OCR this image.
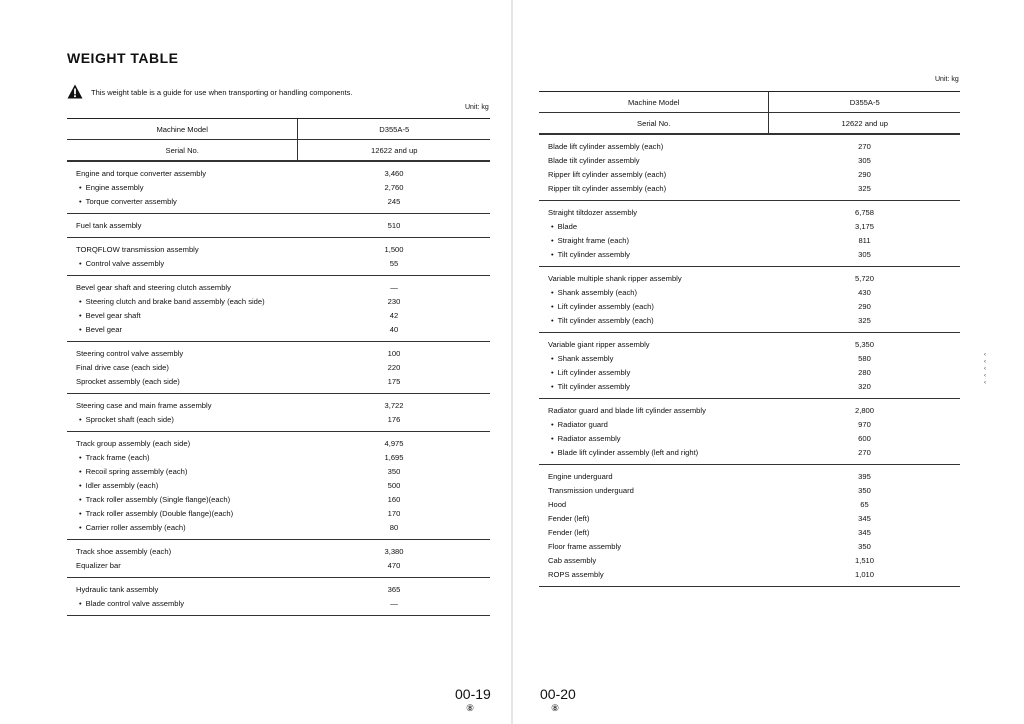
WEIGHT TABLE
This weight table is a guide for use when transporting or handling components.
Unit: kg
Machine Model	D355A-5
Serial No.	12622 and up
Engine and torque converter assembly	3,460
• Engine assembly	2,760
• Torque converter assembly	245
Fuel tank assembly	510
TORQFLOW transmission assembly	1,500
• Control valve assembly	55
Bevel gear shaft and steering clutch assembly	—
• Steering clutch and brake band assembly (each side)	230
• Bevel gear shaft	42
• Bevel gear	40
Steering control valve assembly	100
Final drive case (each side)	220
Sprocket assembly (each side)	175
Steering case and main frame assembly	3,722
• Sprocket shaft (each side)	176
Track group assembly (each side)	4,975
• Track frame (each)	1,695
• Recoil spring assembly (each)	350
• Idler assembly (each)	500
• Track roller assembly (Single flange)(each)	160
• Track roller assembly (Double flange)(each)	170
• Carrier roller assembly (each)	80
Track shoe assembly (each)	3,380
Equalizer bar	470
Hydraulic tank assembly	365
• Blade control valve assembly	—
00-19
⑧
Unit: kg
Machine Model	D355A-5
Serial No.	12622 and up
Blade lift cylinder assembly (each)	270
Blade tilt cylinder assembly	305
Ripper lift cylinder assembly (each)	290
Ripper tilt cylinder assembly (each)	325
Straight tiltdozer assembly	6,758
• Blade	3,175
• Straight frame (each)	811
• Tilt cylinder assembly	305
Variable multiple shank ripper assembly	5,720
• Shank assembly (each)	430
• Lift cylinder assembly (each)	290
• Tilt cylinder assembly (each)	325
Variable giant ripper assembly	5,350
• Shank assembly	580
• Lift cylinder assembly	280
• Tilt cylinder assembly	320
Radiator guard and blade lift cylinder assembly	2,800
• Radiator guard	970
• Radiator assembly	600
• Blade lift cylinder assembly (left and right)	270
Engine underguard	395
Transmission underguard	350
Hood	65
Fender (left)	345
Fender (left)	345
Floor frame assembly	350
Cab assembly	1,510
ROPS assembly	1,010
00-20
⑧
‹
‹
‹
‹
‹
